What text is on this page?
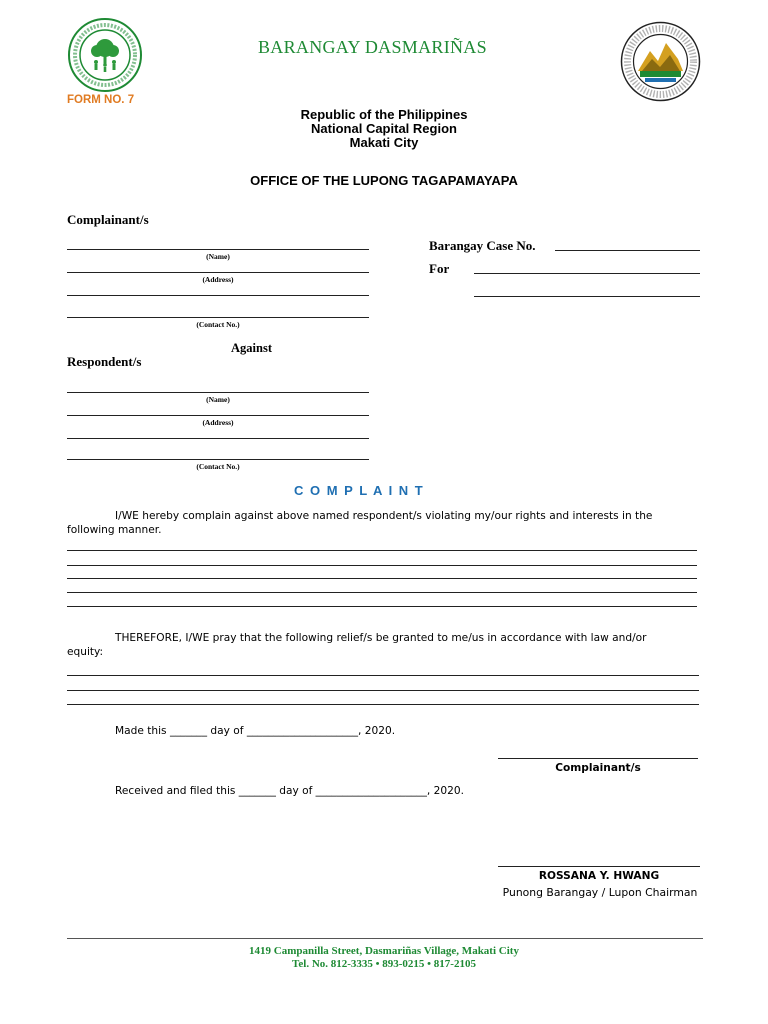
BARANGAY DASMARIÑAS
FORM NO. 7
Republic of the Philippines
National Capital Region
Makati City
OFFICE OF THE LUPONG TAGAPAMAYAPA
Complainant/s
(Name)
(Address)
(Contact No.)
Barangay Case No.
For
Against
Respondent/s
(Name)
(Address)
(Contact No.)
C O M P L A I N T
I/WE hereby complain against above named respondent/s violating my/our rights and interests in the
following manner.
THEREFORE, I/WE pray that the following relief/s be granted to me/us in accordance with law and/or
equity:
Made this _______ day of _____________________, 2020.
Complainant/s
Received and filed this _______ day of _____________________, 2020.
ROSSANA Y. HWANG
Punong Barangay / Lupon Chairman
1419 Campanilla Street, Dasmariñas Village, Makati City
Tel. No. 812-3335 • 893-0215 • 817-2105
